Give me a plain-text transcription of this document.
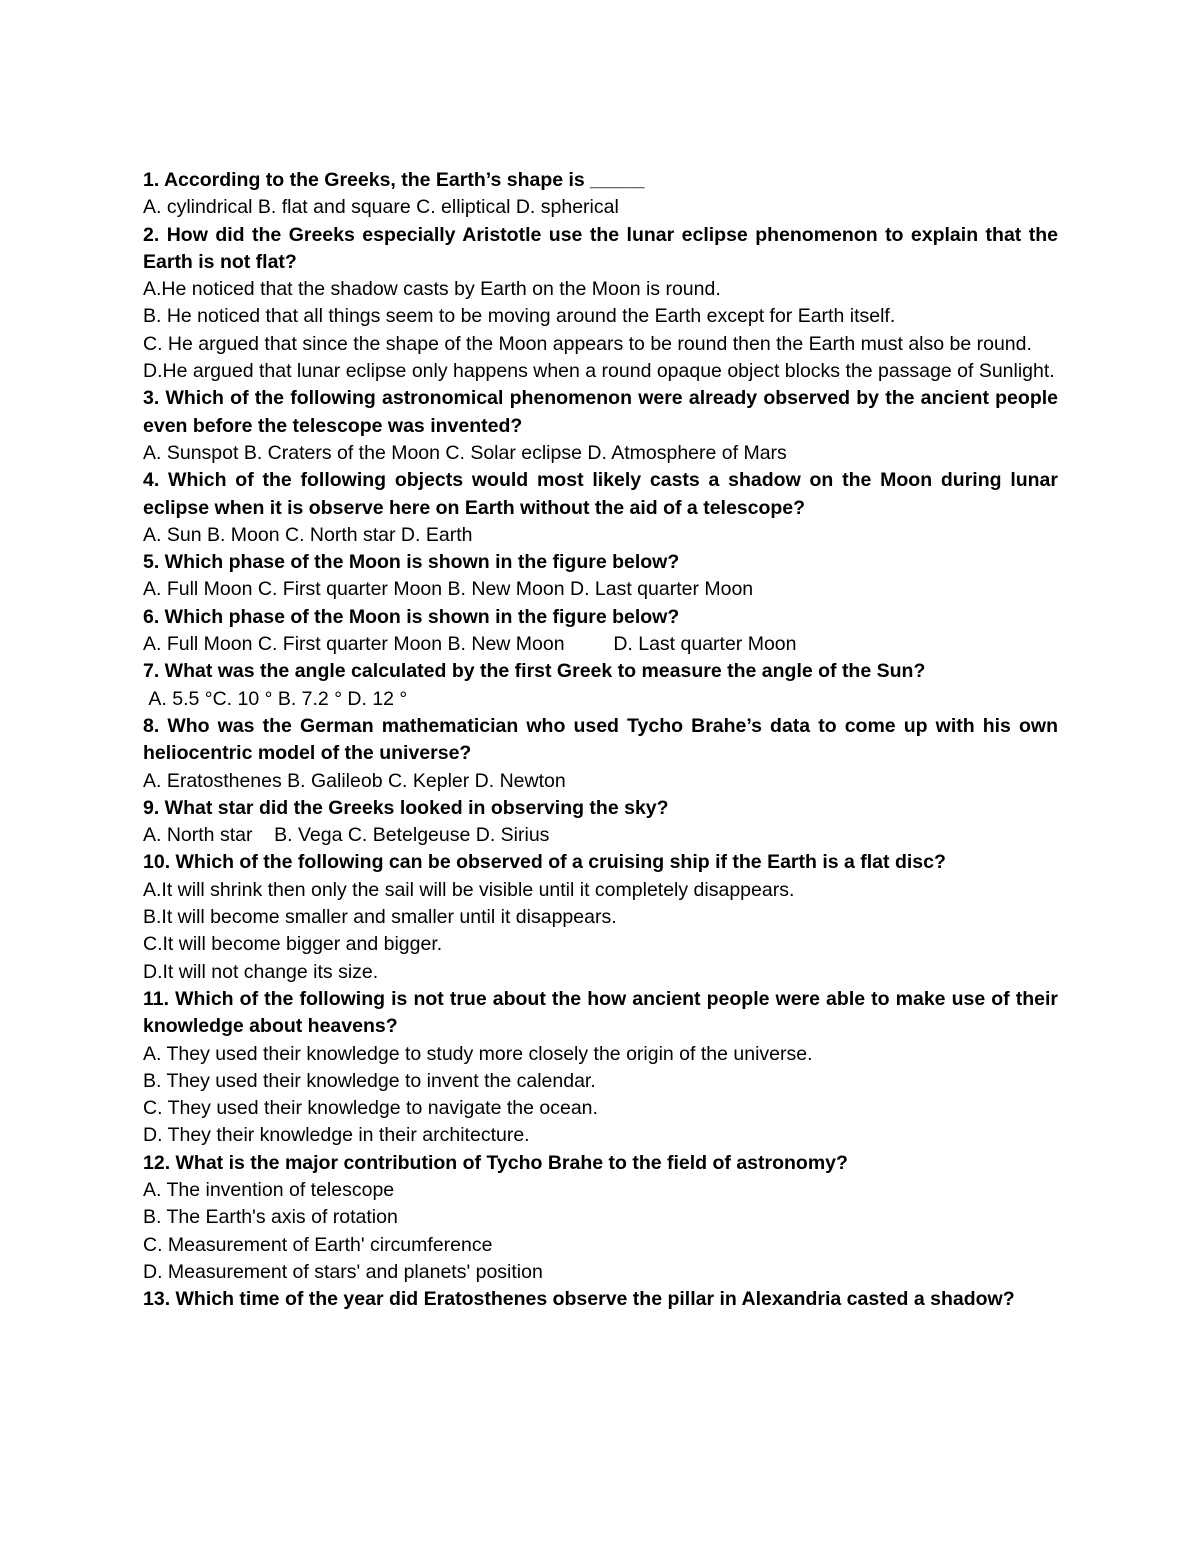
1. According to the Greeks, the Earth’s shape is _____

A. cylindrical B. flat and square C. elliptical D. spherical

2. How did the Greeks especially Aristotle use the lunar eclipse phenomenon to explain that the Earth is not flat?

A.He noticed that the shadow casts by Earth on the Moon is round.

B. He noticed that all things seem to be moving around the Earth except for Earth itself.

C. He argued that since the shape of the Moon appears to be round then the Earth must also be round.

D.He argued that lunar eclipse only happens when a round opaque object blocks the passage of Sunlight.

3. Which of the following astronomical phenomenon were already observed by the ancient people even before the telescope was invented?

A. Sunspot B. Craters of the Moon C. Solar eclipse D. Atmosphere of Mars

4. Which of the following objects would most likely casts a shadow on the Moon during lunar eclipse when it is observe here on Earth without the aid of a telescope?

A. Sun B. Moon C. North star D. Earth

5. Which phase of the Moon is shown in the figure below?

A. Full Moon C. First quarter Moon B. New Moon D. Last quarter Moon

6. Which phase of the Moon is shown in the figure below?

A. Full Moon C. First quarter Moon B. New Moon         D. Last quarter Moon

7. What was the angle calculated by the first Greek to measure the angle of the Sun?

A. 5.5 °C. 10 ° B. 7.2 ° D. 12 °

8. Who was the German mathematician who used Tycho Brahe’s data to come up with his own heliocentric model of the universe?

A. Eratosthenes B. Galileob C. Kepler D. Newton

9. What star did the Greeks looked in observing the sky?

A. North star    B. Vega C. Betelgeuse D. Sirius

10. Which of the following can be observed of a cruising ship if the Earth is a flat disc?

A.It will shrink then only the sail will be visible until it completely disappears.

B.It will become smaller and smaller until it disappears.

C.It will become bigger and bigger.

D.It will not change its size.

11. Which of the following is not true about the how ancient people were able to make use of their knowledge about heavens?

A. They used their knowledge to study more closely the origin of the universe.

B. They used their knowledge to invent the calendar.

C. They used their knowledge to navigate the ocean.

D. They their knowledge in their architecture.

12. What is the major contribution of Tycho Brahe to the field of astronomy?

A. The invention of telescope

B. The Earth's axis of rotation

C. Measurement of Earth' circumference

D. Measurement of stars' and planets' position

13. Which time of the year did Eratosthenes observe the pillar in Alexandria casted a shadow?
